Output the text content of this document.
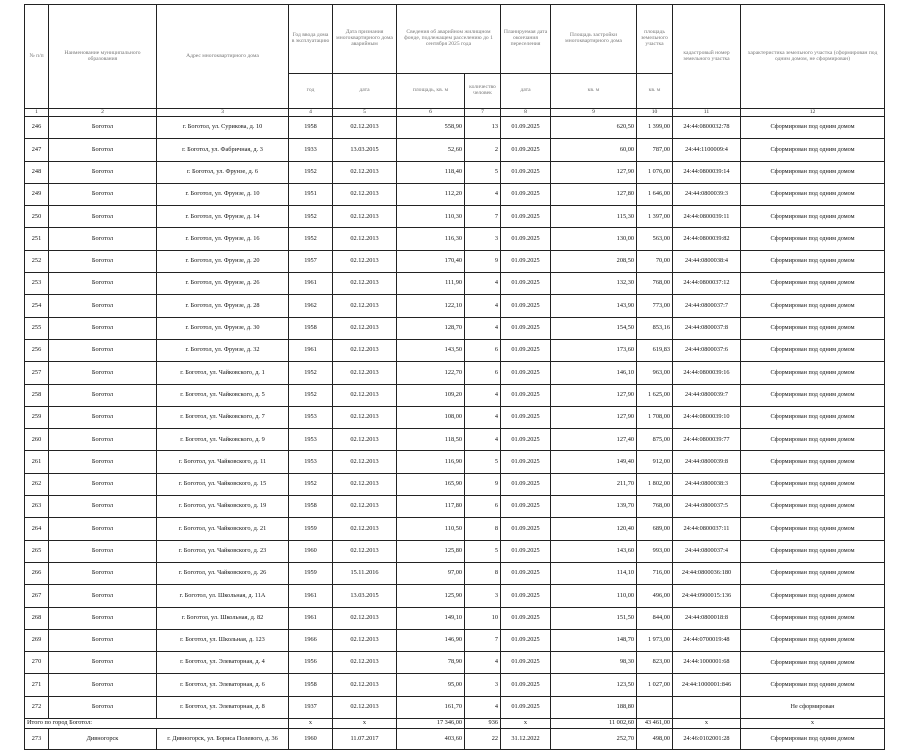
№ п/п	Наименование муниципального образования	Адрес многоквартирного дома	Год ввода дома в эксплуатацию	Дата признания многоквартирного дома аварийным	Сведения об аварийном жилищном фонде, подлежащем расселению до 1 сентября 2025 года		Планируемая дата окончания переселения	Площадь застройки многоквартирного дома	площадь земельного участка	кадастровый номер земельного участка	характеристика земельного участка (сформирован под одним домом, не сформирован)
			год	дата	площадь, кв. м	количество человек	дата	кв. м	кв. м		
1	2	3	4	5	6	7	8	9	10	11	12
246	Боготол	г. Боготол, ул. Сурикова, д. 10	1958	02.12.2013	558,90	13	01.09.2025	620,50	1 399,00	24:44:0800032:78	Сформирован под одним домом
247	Боготол	г. Боготол, ул. Фабричная, д. 3	1933	13.03.2015	52,60	2	01.09.2025	60,00	787,00	24:44:1100009:4	Сформирован под одним домом
248	Боготол	г. Боготол, ул. Фрунзе, д. 6	1952	02.12.2013	118,40	5	01.09.2025	127,90	1 076,00	24:44:0800039:14	Сформирован под одним домом
249	Боготол	г. Боготол, ул. Фрунзе, д. 10	1951	02.12.2013	112,20	4	01.09.2025	127,80	1 646,00	24:44:0800039:3	Сформирован под одним домом
250	Боготол	г. Боготол, ул. Фрунзе, д. 14	1952	02.12.2013	110,30	7	01.09.2025	115,30	1 397,00	24:44:0800039:11	Сформирован под одним домом
251	Боготол	г. Боготол, ул. Фрунзе, д. 16	1952	02.12.2013	116,30	3	01.09.2025	130,00	563,00	24:44:0800039:82	Сформирован под одним домом
252	Боготол	г. Боготол, ул. Фрунзе, д. 20	1957	02.12.2013	170,40	9	01.09.2025	208,50	70,00	24:44:0800038:4	Сформирован под одним домом
253	Боготол	г. Боготол, ул. Фрунзе, д. 26	1961	02.12.2013	111,90	4	01.09.2025	132,30	768,00	24:44:0800037:12	Сформирован под одним домом
254	Боготол	г. Боготол, ул. Фрунзе, д. 28	1962	02.12.2013	122,10	4	01.09.2025	143,90	773,00	24:44:0800037:7	Сформирован под одним домом
255	Боготол	г. Боготол, ул. Фрунзе, д. 30	1958	02.12.2013	128,70	4	01.09.2025	154,50	853,16	24:44:0800037:8	Сформирован под одним домом
256	Боготол	г. Боготол, ул. Фрунзе, д. 32	1961	02.12.2013	143,50	6	01.09.2025	173,60	619,83	24:44:0800037:6	Сформирован под одним домом
257	Боготол	г. Боготол, ул. Чайковского, д. 1	1952	02.12.2013	122,70	6	01.09.2025	146,10	963,00	24:44:0800039:16	Сформирован под одним домом
258	Боготол	г. Боготол, ул. Чайковского, д. 5	1952	02.12.2013	109,20	4	01.09.2025	127,90	1 625,00	24:44:0800039:7	Сформирован под одним домом
259	Боготол	г. Боготол, ул. Чайковского, д. 7	1953	02.12.2013	108,00	4	01.09.2025	127,90	1 708,00	24:44:0800039:10	Сформирован под одним домом
260	Боготол	г. Боготол, ул. Чайковского, д. 9	1953	02.12.2013	118,50	4	01.09.2025	127,40	875,00	24:44:0800039:77	Сформирован под одним домом
261	Боготол	г. Боготол, ул. Чайковского, д. 11	1953	02.12.2013	116,90	5	01.09.2025	149,40	912,00	24:44:0800039:8	Сформирован под одним домом
262	Боготол	г. Боготол, ул. Чайковского, д. 15	1952	02.12.2013	165,90	9	01.09.2025	211,70	1 802,00	24:44:0800038:3	Сформирован под одним домом
263	Боготол	г. Боготол, ул. Чайковского, д. 19	1958	02.12.2013	117,80	6	01.09.2025	139,70	768,00	24:44:0800037:5	Сформирован под одним домом
264	Боготол	г. Боготол, ул. Чайковского, д. 21	1959	02.12.2013	110,50	8	01.09.2025	120,40	689,00	24:44:0800037:11	Сформирован под одним домом
265	Боготол	г. Боготол, ул. Чайковского, д. 23	1960	02.12.2013	125,80	5	01.09.2025	143,60	993,00	24:44:0800037:4	Сформирован под одним домом
266	Боготол	г. Боготол, ул. Чайковского, д. 26	1959	15.11.2016	97,00	8	01.09.2025	114,10	716,00	24:44:0800036:180	Сформирован под одним домом
267	Боготол	г. Боготол, ул. Школьная, д. 11А	1961	13.03.2015	125,90	3	01.09.2025	110,00	496,00	24:44:0900015:136	Сформирован под одним домом
268	Боготол	г. Боготол, ул. Школьная, д. 82	1961	02.12.2013	149,10	10	01.09.2025	151,50	844,00	24:44:0800018:8	Сформирован под одним домом
269	Боготол	г. Боготол, ул. Школьная, д. 123	1966	02.12.2013	146,90	7	01.09.2025	148,70	1 973,00	24:44:0700019:48	Сформирован под одним домом
270	Боготол	г. Боготол, ул. Элеваторная, д. 4	1956	02.12.2013	78,90	4	01.09.2025	98,30	823,00	24:44:1000001:68	Сформирован под одним домом
271	Боготол	г. Боготол, ул. Элеваторная, д. 6	1958	02.12.2013	95,00	3	01.09.2025	123,50	1 027,00	24:44:1000001:846	Сформирован под одним домом
272	Боготол	г. Боготол, ул. Элеваторная, д. 8	1937	02.12.2013	161,70	4	01.09.2025	188,80			Не сформирован
Итого по город Боготол:			x	x	17 346,00	936	x	11 002,60	43 461,00	x	x
273	Дивногорск	г. Дивногорск, ул. Бориса Полевого, д. 36	1960	11.07.2017	403,60	22	31.12.2022	252,70	498,00	24:46:0102001:28	Сформирован под одним домом
